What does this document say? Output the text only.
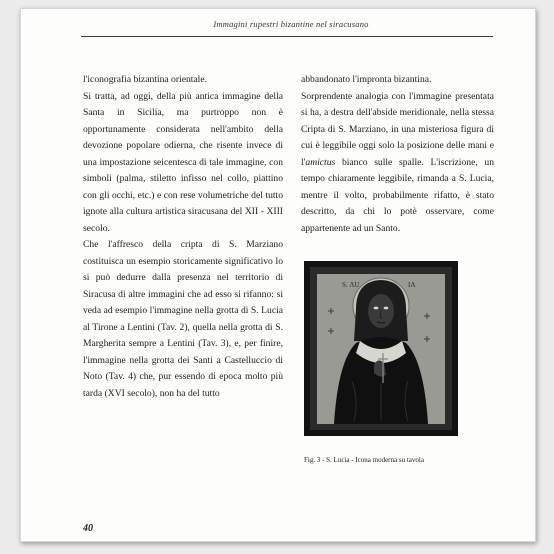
Immagini rupestri bizantine nel siracusano

l'iconografia bizantina orientale.

Si tratta, ad oggi, della più antica immagine della Santa in Sicilia, ma purtroppo non è opportunamente considerata nell'ambito della devozione popolare odierna, che risente invece di una impostazione seicentesca di tale immagine, con simboli (palma, stiletto infisso nel collo, piattino con gli occhi, etc.) e con rese volumetriche del tutto ignote alla cultura artistica siracusana del XII - XIII secolo.

Che l'affresco della cripta di S. Marziano costituisca un esempio storicamente significativo lo si può dedurre dalla presenza nel territorio di Siracusa di altre immagini che ad esso si rifanno: si veda ad esempio l'immagine nella grotta di S. Lucia al Tirone a Lentini (Tav. 2), quella nella grotta di S. Margherita sempre a Lentini (Tav. 3), e, per finire, l'immagine nella grotta dei Santi a Castelluccio di Noto (Tav. 4) che, pur essendo di epoca molto più tarda (XVI secolo), non ha del tutto

abbandonato l'impronta bizantina.

Sorprendente analogia con l'immagine presentata si ha, a destra dell'abside meridionale, nella stessa Cripta di S. Marziano, in una misteriosa figura di cui è leggibile oggi solo la posizione delle mani e l'amictus bianco sulle spalle. L'iscrizione, un tempo chiaramente leggibile, rimanda a S. Lucia, mentre il volto, probabilmente rifatto, è stato descritto, da chi lo potè osservare, come appartenente ad un Santo.

S. ΛU	IA
Fig. 3 - S. Lucia - Icona moderna su tavola
40
